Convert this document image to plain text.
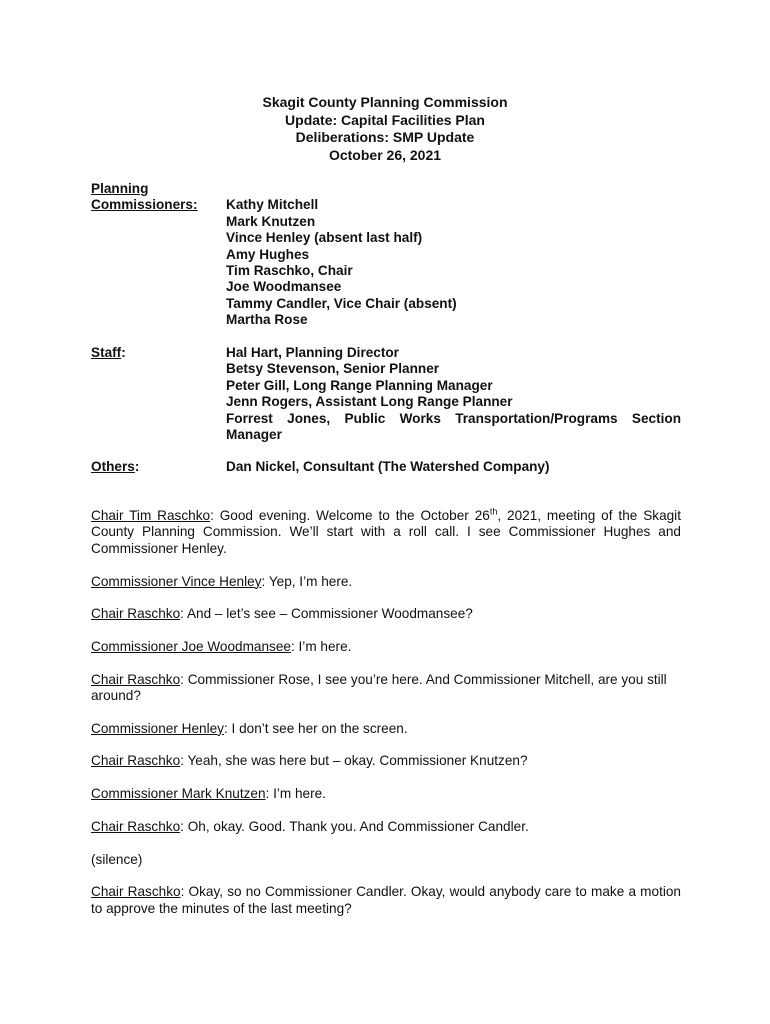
Skagit County Planning Commission
Update: Capital Facilities Plan
Deliberations: SMP Update
October 26, 2021
Planning
Commissioners:	Kathy Mitchell
Mark Knutzen
Vince Henley (absent last half)
Amy Hughes
Tim Raschko, Chair
Joe Woodmansee
Tammy Candler, Vice Chair (absent)
Martha Rose
Staff:	Hal Hart, Planning Director
Betsy Stevenson, Senior Planner
Peter Gill, Long Range Planning Manager
Jenn Rogers, Assistant Long Range Planner
Forrest Jones, Public Works Transportation/Programs Section
Manager
Others:	Dan Nickel, Consultant (The Watershed Company)

Chair Tim Raschko: Good evening. Welcome to the October 26th, 2021, meeting of the Skagit County Planning Commission. We’ll start with a roll call. I see Commissioner Hughes and Commissioner Henley.

Commissioner Vince Henley: Yep, I’m here.

Chair Raschko: And – let’s see – Commissioner Woodmansee?

Commissioner Joe Woodmansee: I’m here.

Chair Raschko: Commissioner Rose, I see you’re here. And Commissioner Mitchell, are you still around?

Commissioner Henley: I don’t see her on the screen.

Chair Raschko: Yeah, she was here but – okay. Commissioner Knutzen?

Commissioner Mark Knutzen: I’m here.

Chair Raschko: Oh, okay. Good. Thank you. And Commissioner Candler.

(silence)

Chair Raschko: Okay, so no Commissioner Candler. Okay, would anybody care to make a motion to approve the minutes of the last meeting?
